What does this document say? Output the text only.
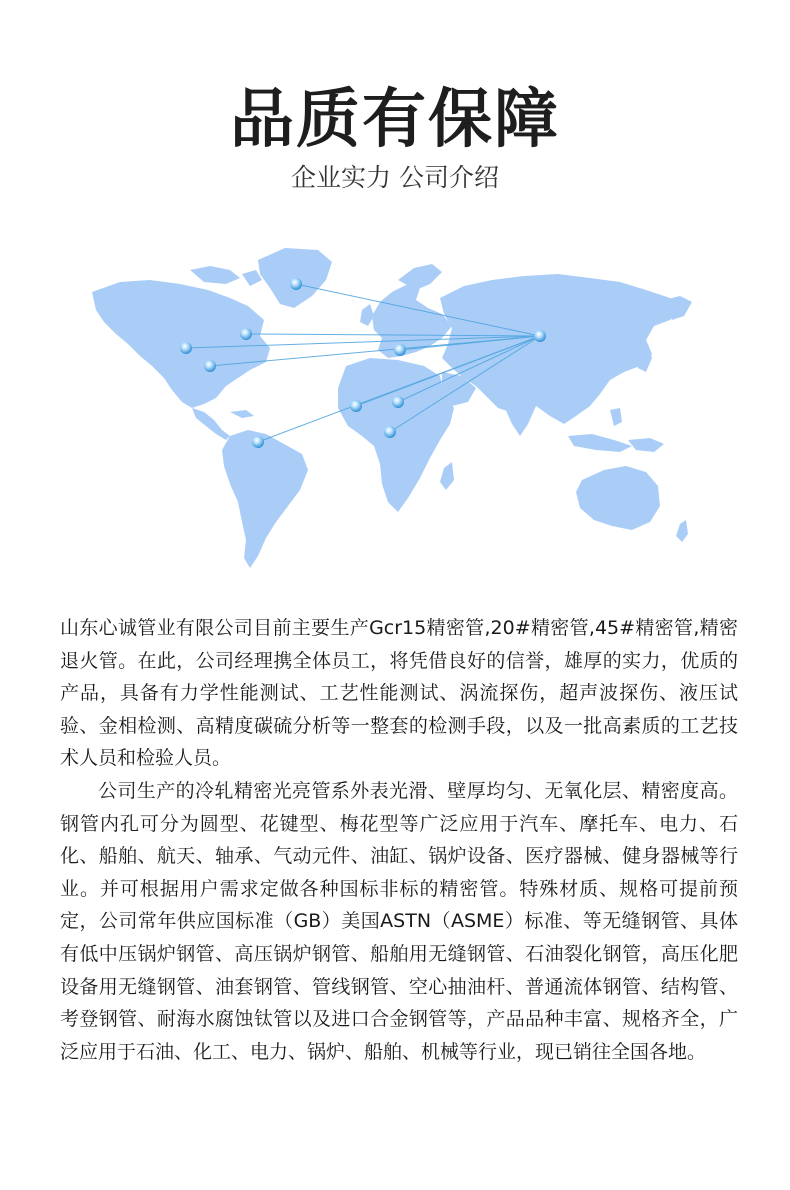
品质有保障
企业实力 公司介绍

山东心诚管业有限公司目前主要生产Gcr15精密管,20#精密管,45#精密管,精密退火管。在此，公司经理携全体员工，将凭借良好的信誉，雄厚的实力，优质的产品，具备有力学性能测试、工艺性能测试、涡流探伤，超声波探伤、液压试验、金相检测、高精度碳硫分析等一整套的检测手段，以及一批高素质的工艺技术人员和检验人员。

公司生产的冷轧精密光亮管系外表光滑、壁厚均匀、无氧化层、精密度高。钢管内孔可分为圆型、花键型、梅花型等广泛应用于汽车、摩托车、电力、石化、船舶、航天、轴承、气动元件、油缸、锅炉设备、医疗器械、健身器械等行业。并可根据用户需求定做各种国标非标的精密管。特殊材质、规格可提前预定，公司常年供应国标准（GB）美国ASTN（ASME）标准、等无缝钢管、具体有低中压锅炉钢管、高压锅炉钢管、船舶用无缝钢管、石油裂化钢管，高压化肥设备用无缝钢管、油套钢管、管线钢管、空心抽油杆、普通流体钢管、结构管、考登钢管、耐海水腐蚀钛管以及进口合金钢管等，产品品种丰富、规格齐全，广泛应用于石油、化工、电力、锅炉、船舶、机械等行业，现已销往全国各地。
